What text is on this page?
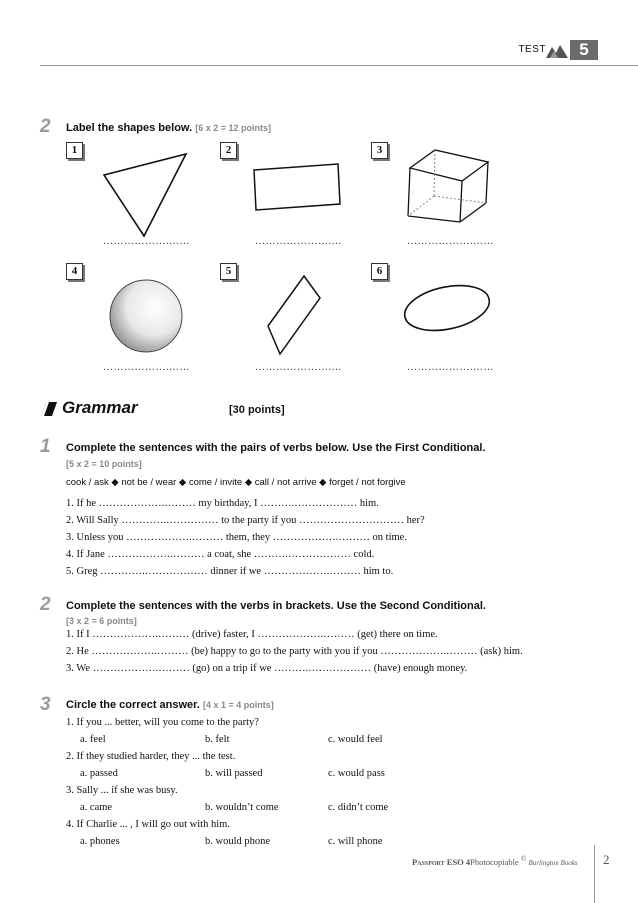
TEST	5
2 Label the shapes below. [6 x 2 = 12 points]
1	2	3
……………….……	………………….…	……………….……
4	5	6
……………….……	………………….…	……………….……
Grammar	[30 points]
1 Complete the sentences with the pairs of verbs below. Use the First Conditional.
[5 x 2 = 10 points]
cook / ask ◆ not be / wear ◆ come / invite ◆ call / not arrive ◆ forget / not forgive
1. If he ……………….……… my birthday, I ……….……………… him.
2. Will Sally ………….…………… to the party if you ………………………… her?
3. Unless you ……………….……… them, they ……………….……… on time.
4. If Jane ……………….……… a coat, she ……….……………… cold.
5. Greg ………….……………… dinner if we ……………….……… him to.
2 Complete the sentences with the verbs in brackets. Use the Second Conditional.
[3 x 2 = 6 points]
1. If I ……………….……… (drive) faster, I ……………….……… (get) there on time.
2. He ……………….……… (be) happy to go to the party with you if you ……………….……… (ask) him.
3. We ……………….……… (go) on a trip if we ……….……………… (have) enough money.
3 Circle the correct answer. [4 x 1 = 4 points]
1. If you ... better, will you come to the party?
a. feel	b. felt	c. would feel
2. If they studied harder, they ... the test.
a. passed	b. will passed	c. would pass
3. Sally ... if she was busy.
a. came	b. wouldn’t come	c. didn’t come
4. If Charlie ... , I will go out with him.
a. phones	b. would phone	c. will phone
Passport ESO 4Photocopiable © Burlington Books 2
